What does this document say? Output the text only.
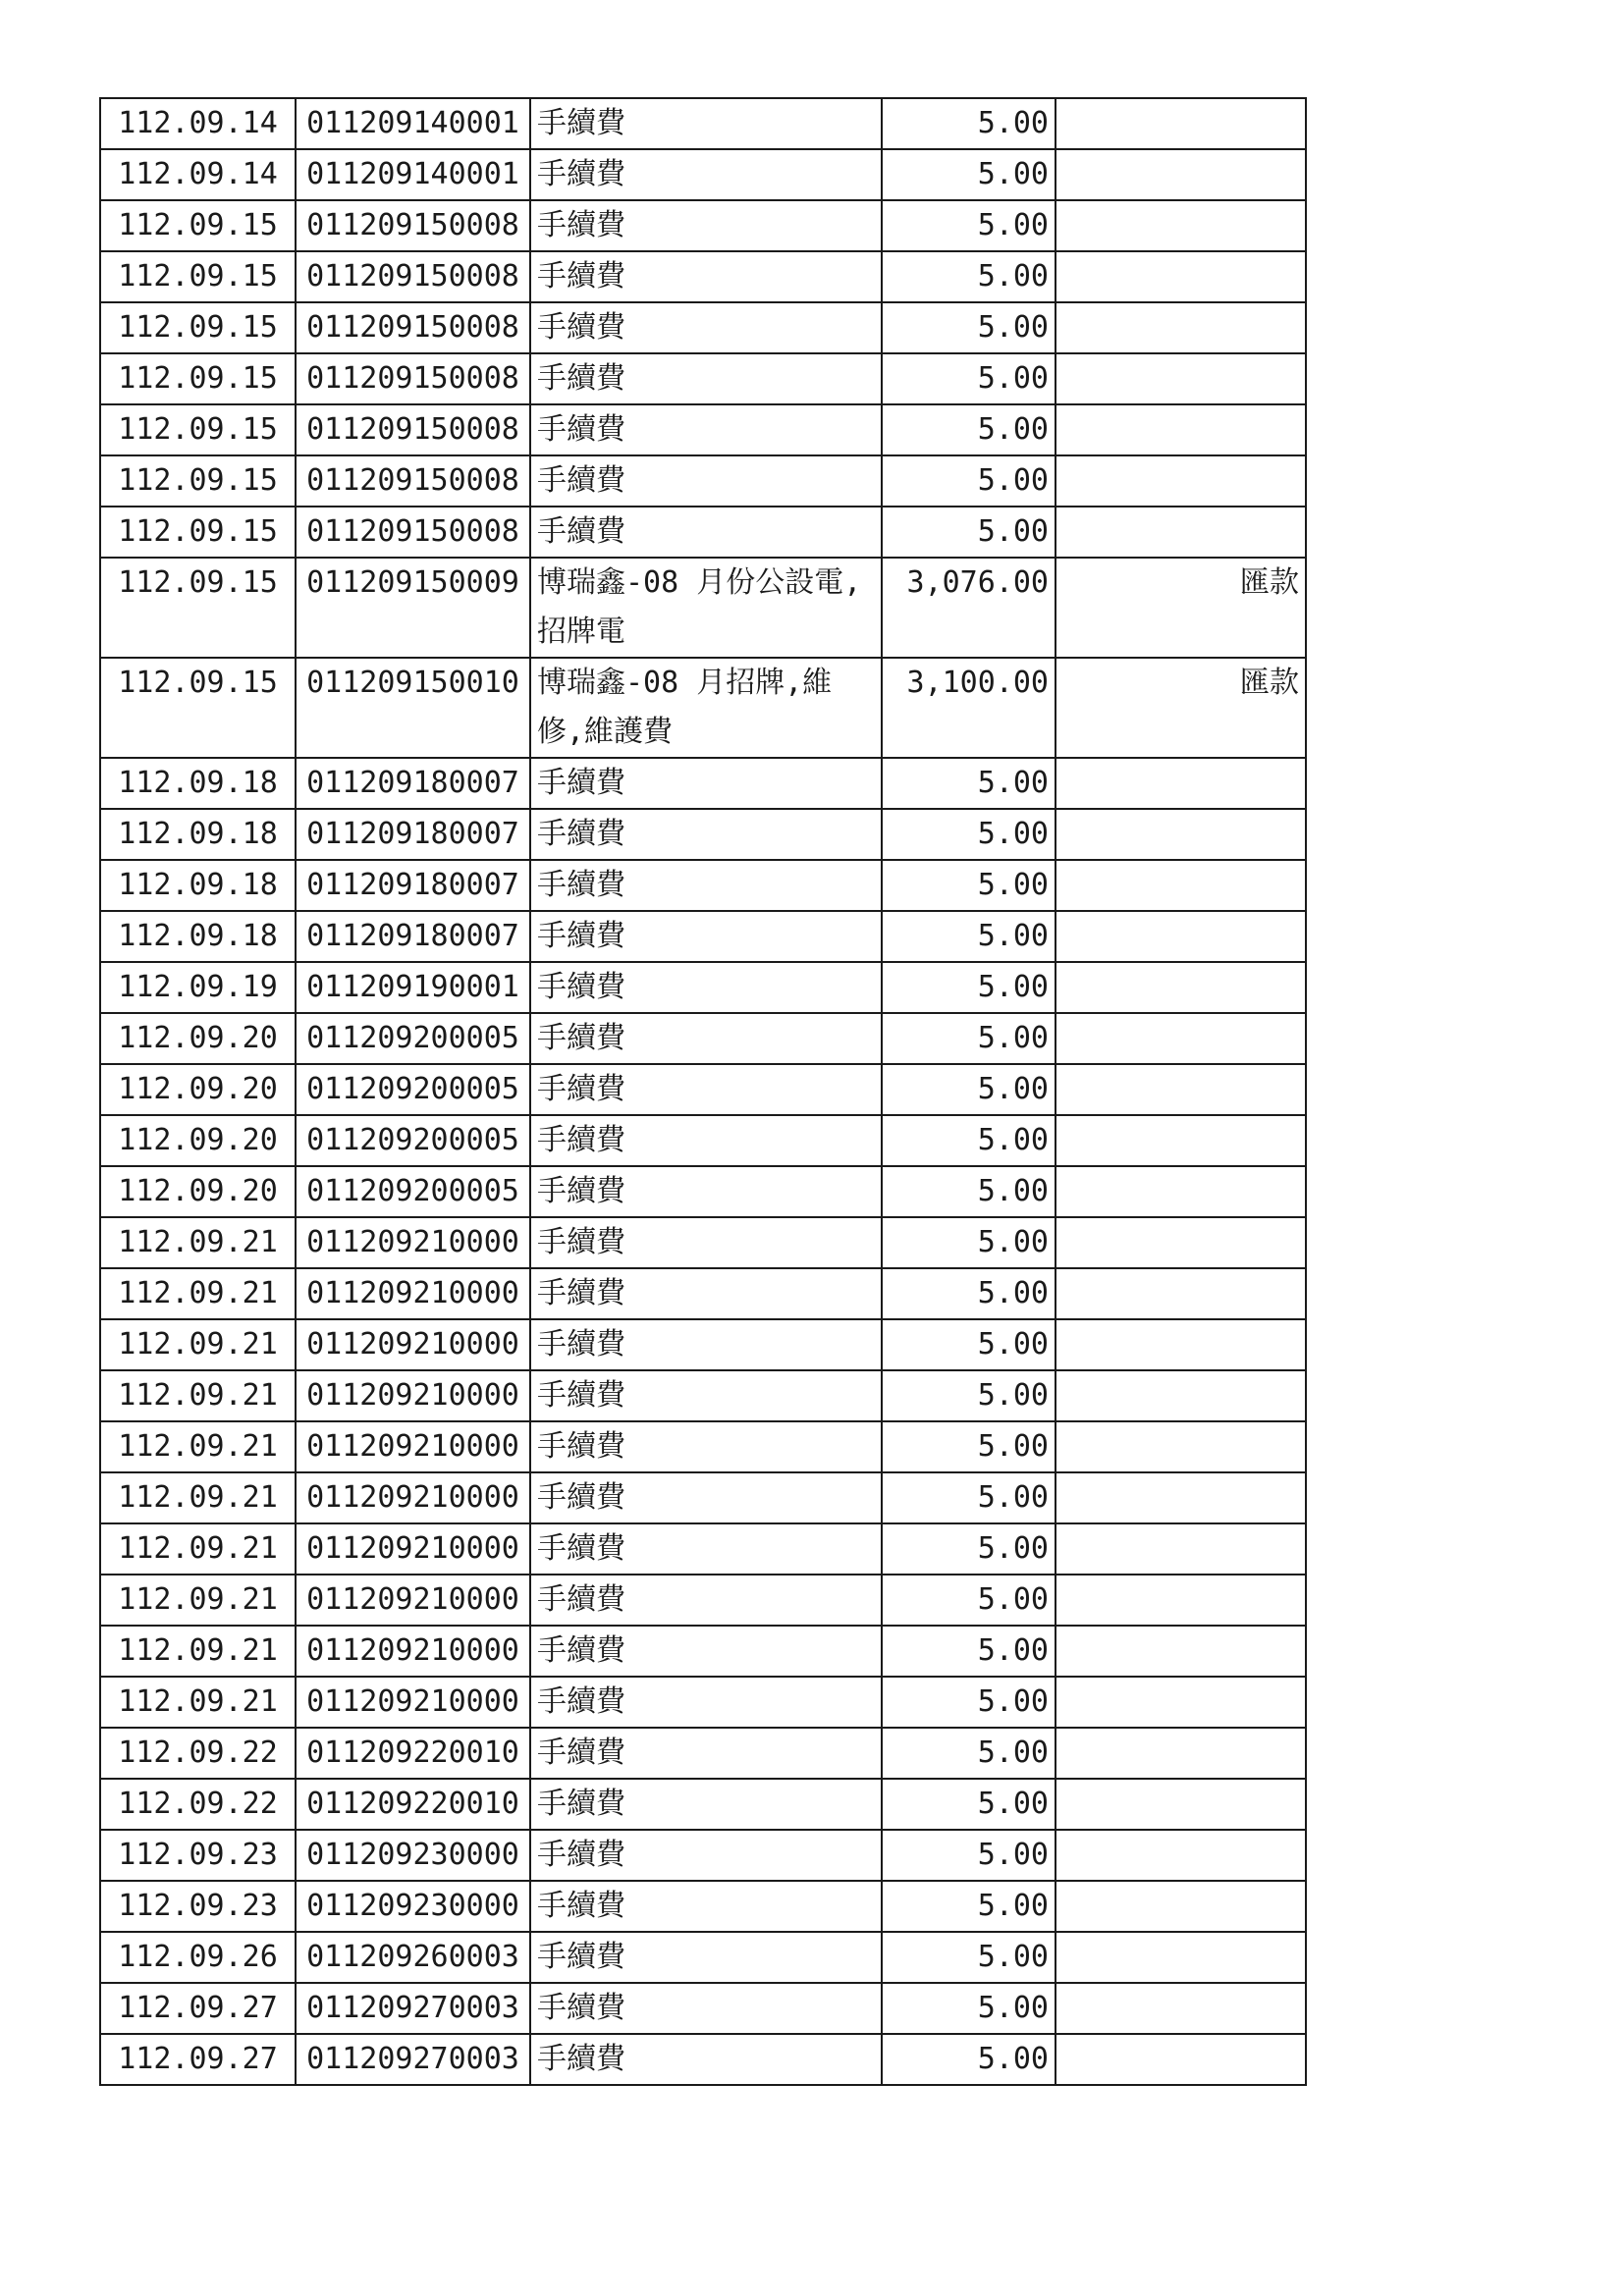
112.09.14	011209140001	手續費	5.00	
112.09.14	011209140001	手續費	5.00	
112.09.15	011209150008	手續費	5.00	
112.09.15	011209150008	手續費	5.00	
112.09.15	011209150008	手續費	5.00	
112.09.15	011209150008	手續費	5.00	
112.09.15	011209150008	手續費	5.00	
112.09.15	011209150008	手續費	5.00	
112.09.15	011209150008	手續費	5.00	
112.09.15	011209150009	博瑞鑫-08 月份公設電,招牌電	3,076.00	匯款
112.09.15	011209150010	博瑞鑫-08 月招牌,維修,維護費	3,100.00	匯款
112.09.18	011209180007	手續費	5.00	
112.09.18	011209180007	手續費	5.00	
112.09.18	011209180007	手續費	5.00	
112.09.18	011209180007	手續費	5.00	
112.09.19	011209190001	手續費	5.00	
112.09.20	011209200005	手續費	5.00	
112.09.20	011209200005	手續費	5.00	
112.09.20	011209200005	手續費	5.00	
112.09.20	011209200005	手續費	5.00	
112.09.21	011209210000	手續費	5.00	
112.09.21	011209210000	手續費	5.00	
112.09.21	011209210000	手續費	5.00	
112.09.21	011209210000	手續費	5.00	
112.09.21	011209210000	手續費	5.00	
112.09.21	011209210000	手續費	5.00	
112.09.21	011209210000	手續費	5.00	
112.09.21	011209210000	手續費	5.00	
112.09.21	011209210000	手續費	5.00	
112.09.21	011209210000	手續費	5.00	
112.09.22	011209220010	手續費	5.00	
112.09.22	011209220010	手續費	5.00	
112.09.23	011209230000	手續費	5.00	
112.09.23	011209230000	手續費	5.00	
112.09.26	011209260003	手續費	5.00	
112.09.27	011209270003	手續費	5.00	
112.09.27	011209270003	手續費	5.00	
